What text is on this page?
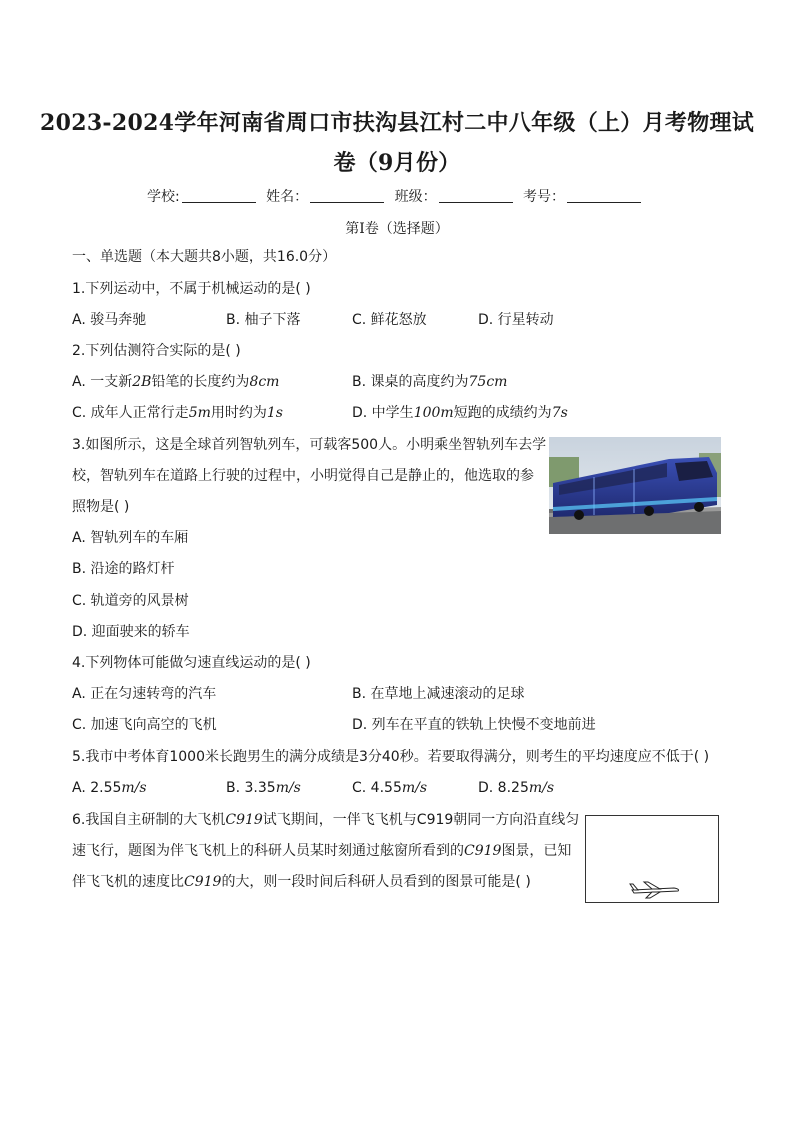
2023-2024学年河南省周口市扶沟县江村二中八年级（上）月考物理试
卷（9月份）
学校:	姓名：	班级：	考号：
第I卷（选择题）
一、单选题（本大题共8小题，共16.0分）
1.下列运动中，不属于机械运动的是( )
A. 骏马奔驰	B. 柚子下落	C. 鲜花怒放	D. 行星转动
2.下列估测符合实际的是( )
A. 一支新2B铅笔的长度约为8cm	B. 课桌的高度约为75cm
C. 成年人正常行走5m用时约为1s	D. 中学生100m短跑的成绩约为7s
3.如图所示，这是全球首列智轨列车，可载客500人。小明乘坐智轨列车去学
校，智轨列车在道路上行驶的过程中，小明觉得自己是静止的，他选取的参
照物是( )
A. 智轨列车的车厢
B. 沿途的路灯杆
C. 轨道旁的风景树
D. 迎面驶来的轿车
4.下列物体可能做匀速直线运动的是( )
A. 正在匀速转弯的汽车	B. 在草地上减速滚动的足球
C. 加速飞向高空的飞机	D. 列车在平直的铁轨上快慢不变地前进
5.我市中考体育1000米长跑男生的满分成绩是3分40秒。若要取得满分，则考生的平均速度应不低于( )
A. 2.55m/s	B. 3.35m/s	C. 4.55m/s	D. 8.25m/s
6.我国自主研制的大飞机C919试飞期间，一伴飞飞机与C919朝同一方向沿直线匀
速飞行，题图为伴飞飞机上的科研人员某时刻通过舷窗所看到的C919图景，已知
伴飞飞机的速度比C919的大，则一段时间后科研人员看到的图景可能是( )
